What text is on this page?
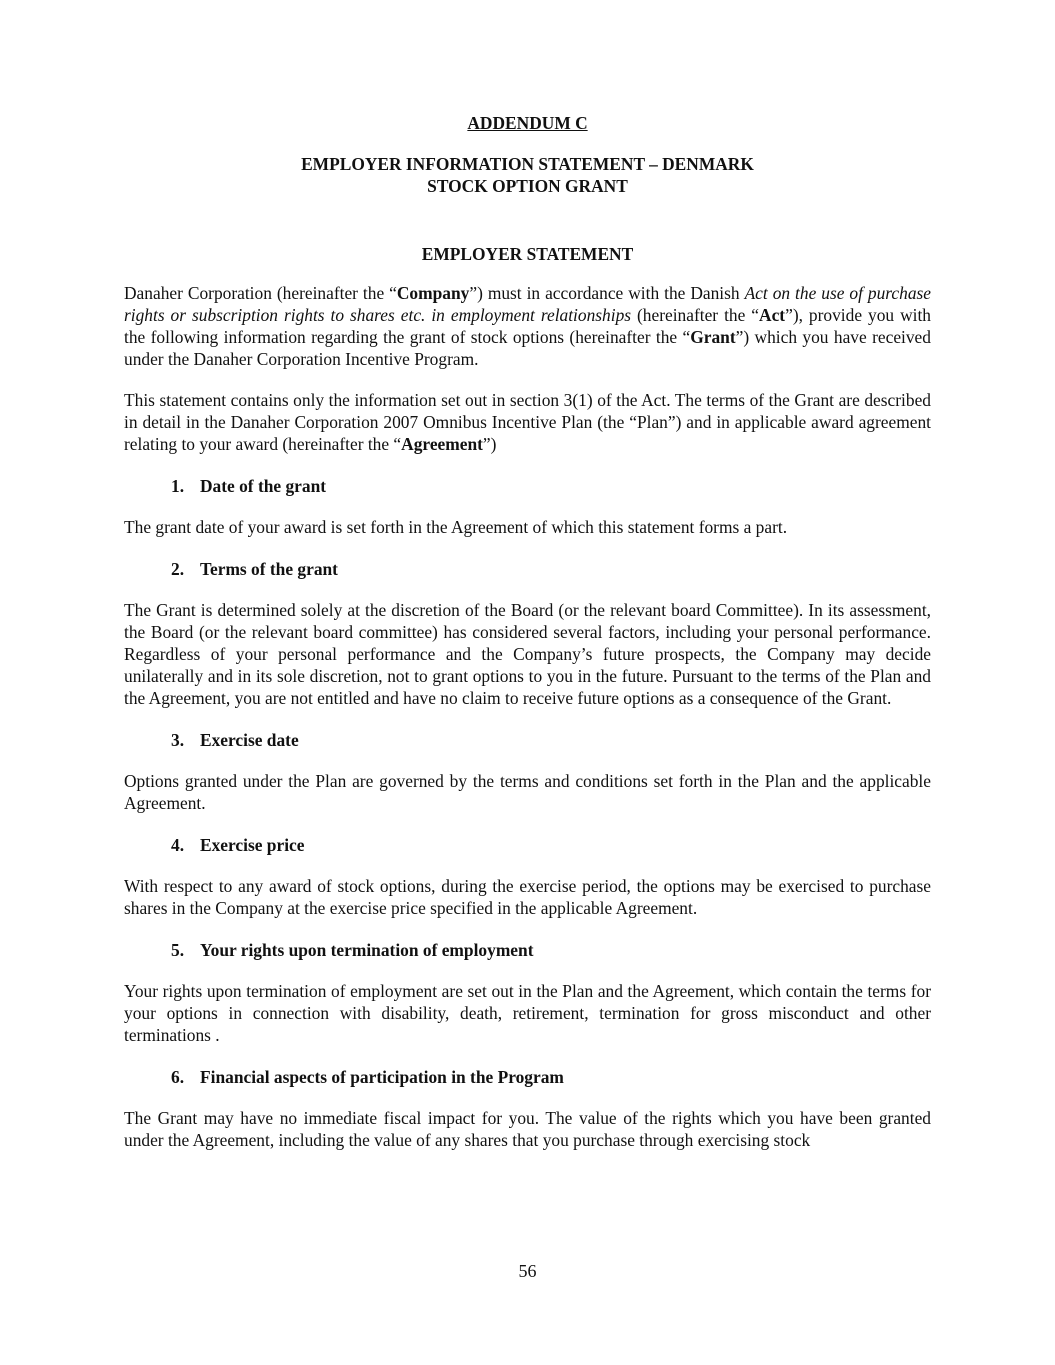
ADDENDUM C

EMPLOYER INFORMATION STATEMENT – DENMARK
STOCK OPTION GRANT
EMPLOYER STATEMENT

Danaher Corporation (hereinafter the “Company”) must in accordance with the Danish Act on the use of purchase rights or subscription rights to shares etc. in employment relationships (hereinafter the “Act”), provide you with the following information regarding the grant of stock options (hereinafter the “Grant”) which you have received under the Danaher Corporation Incentive Program.

This statement contains only the information set out in section 3(1) of the Act. The terms of the Grant are described in detail in the Danaher Corporation 2007 Omnibus Incentive Plan (the “Plan”) and in applicable award agreement relating to your award (hereinafter the “Agreement”)

1. Date of the grant

The grant date of your award is set forth in the Agreement of which this statement forms a part.

2. Terms of the grant

The Grant is determined solely at the discretion of the Board (or the relevant board Committee). In its assessment, the Board (or the relevant board committee) has considered several factors, including your personal performance. Regardless of your personal performance and the Company’s future prospects, the Company may decide unilaterally and in its sole discretion, not to grant options to you in the future. Pursuant to the terms of the Plan and the Agreement, you are not entitled and have no claim to receive future options as a consequence of the Grant.

3. Exercise date

Options granted under the Plan are governed by the terms and conditions set forth in the Plan and the applicable Agreement.

4. Exercise price

With respect to any award of stock options, during the exercise period, the options may be exercised to purchase shares in the Company at the exercise price specified in the applicable Agreement.

5. Your rights upon termination of employment

Your rights upon termination of employment are set out in the Plan and the Agreement, which contain the terms for your options in connection with disability, death, retirement, termination for gross misconduct and other terminations .

6. Financial aspects of participation in the Program

The Grant may have no immediate fiscal impact for you. The value of the rights which you have been granted under the Agreement, including the value of any shares that you purchase through exercising stock

56
